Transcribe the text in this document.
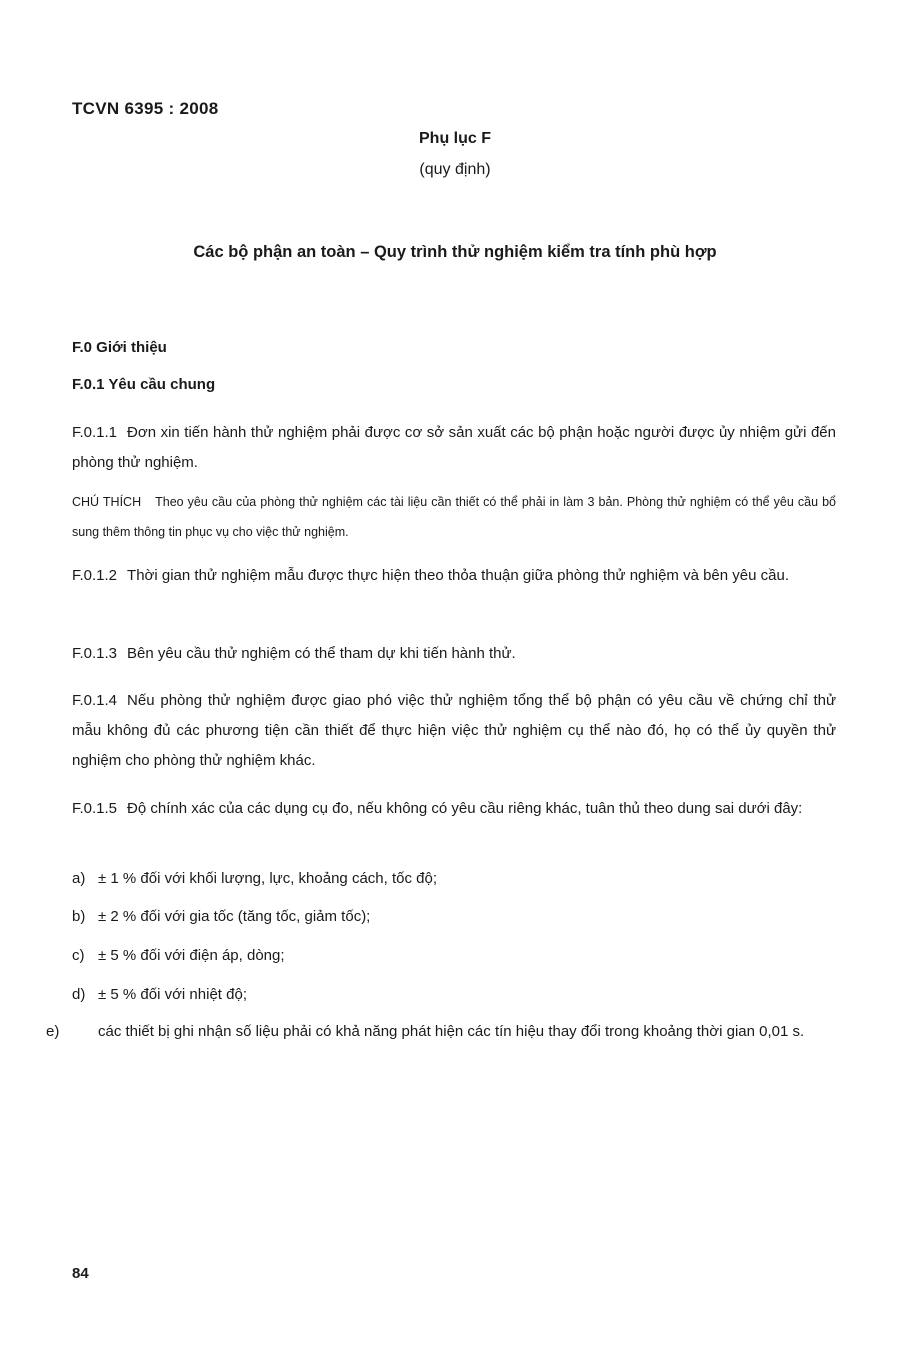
TCVN 6395 : 2008
Phụ lục F
(quy định)
Các bộ phận an toàn – Quy trình thử nghiệm kiểm tra tính phù hợp
F.0 Giới thiệu
F.0.1 Yêu cầu chung
F.0.1.1 Đơn xin tiến hành thử nghiệm phải được cơ sở sản xuất các bộ phận hoặc người được ủy nhiệm gửi đến phòng thử nghiệm.
CHÚ THÍCH Theo yêu cầu của phòng thử nghiệm các tài liệu cần thiết có thể phải in làm 3 bản. Phòng thử nghiệm có thể yêu cầu bổ sung thêm thông tin phục vụ cho việc thử nghiệm.
F.0.1.2 Thời gian thử nghiệm mẫu được thực hiện theo thỏa thuận giữa phòng thử nghiệm và bên yêu cầu.
F.0.1.3 Bên yêu cầu thử nghiệm có thể tham dự khi tiến hành thử.
F.0.1.4 Nếu phòng thử nghiệm được giao phó việc thử nghiệm tổng thể bộ phận có yêu cầu về chứng chỉ thử mẫu không đủ các phương tiện cần thiết để thực hiện việc thử nghiệm cụ thể nào đó, họ có thể ủy quyền thử nghiệm cho phòng thử nghiệm khác.
F.0.1.5 Độ chính xác của các dụng cụ đo, nếu không có yêu cầu riêng khác, tuân thủ theo dung sai dưới đây:
a) ± 1 % đối với khối lượng, lực, khoảng cách, tốc độ;
b) ± 2 % đối với gia tốc (tăng tốc, giảm tốc);
c) ± 5 % đối với điện áp, dòng;
d) ± 5 % đối với nhiệt độ;
e)	các thiết bị ghi nhận số liệu phải có khả năng phát hiện các tín hiệu thay đổi trong khoảng thời gian 0,01 s.
84
